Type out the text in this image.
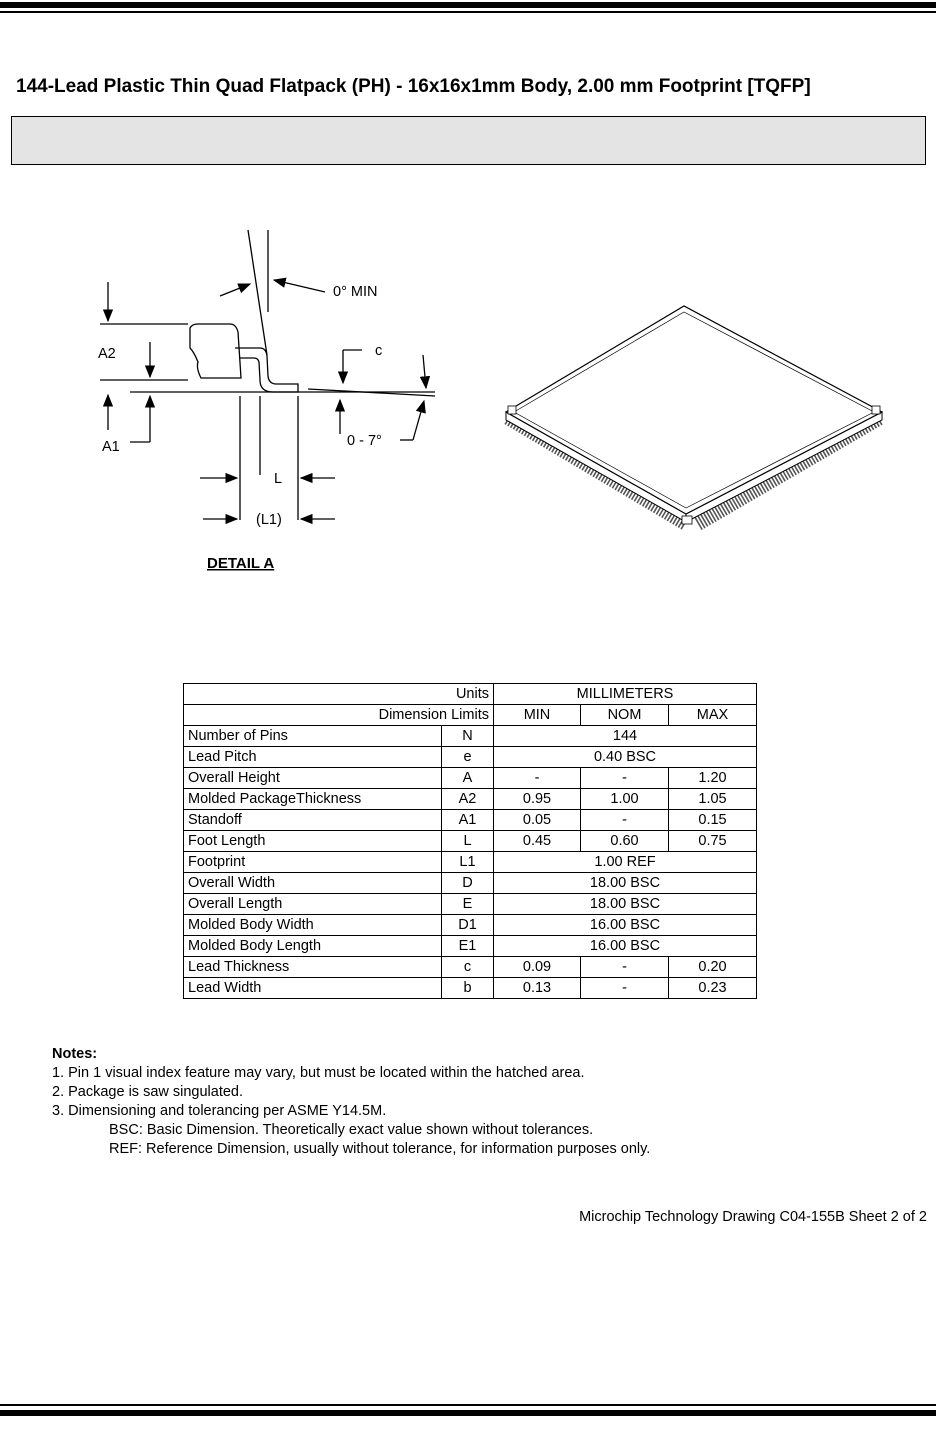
144-Lead Plastic Thin Quad Flatpack (PH) - 16x16x1mm Body, 2.00 mm Footprint [TQFP]
0° MIN
c
A2
A1	0 - 7°
L
(L1)
DETAIL A
Units		MILLIMETERS		
Dimension Limits		MIN	NOM	MAX
Number of Pins	N	144		
Lead Pitch	e	0.40 BSC		
Overall Height	A	-	-	1.20
Molded PackageThickness	A2	0.95	1.00	1.05
Standoff	A1	0.05	-	0.15
Foot Length	L	0.45	0.60	0.75
Footprint	L1	1.00 REF		
Overall Width	D	18.00 BSC		
Overall Length	E	18.00 BSC		
Molded Body Width	D1	16.00 BSC		
Molded Body Length	E1	16.00 BSC		
Lead Thickness	c	0.09	-	0.20
Lead Width	b	0.13	-	0.23
Notes:
1. Pin 1 visual index feature may vary, but must be located within the hatched area.
2. Package is saw singulated.
3. Dimensioning and tolerancing per ASME Y14.5M.
BSC: Basic Dimension. Theoretically exact value shown without tolerances.
REF: Reference Dimension, usually without tolerance, for information purposes only.
Microchip Technology Drawing C04-155B Sheet 2 of 2
